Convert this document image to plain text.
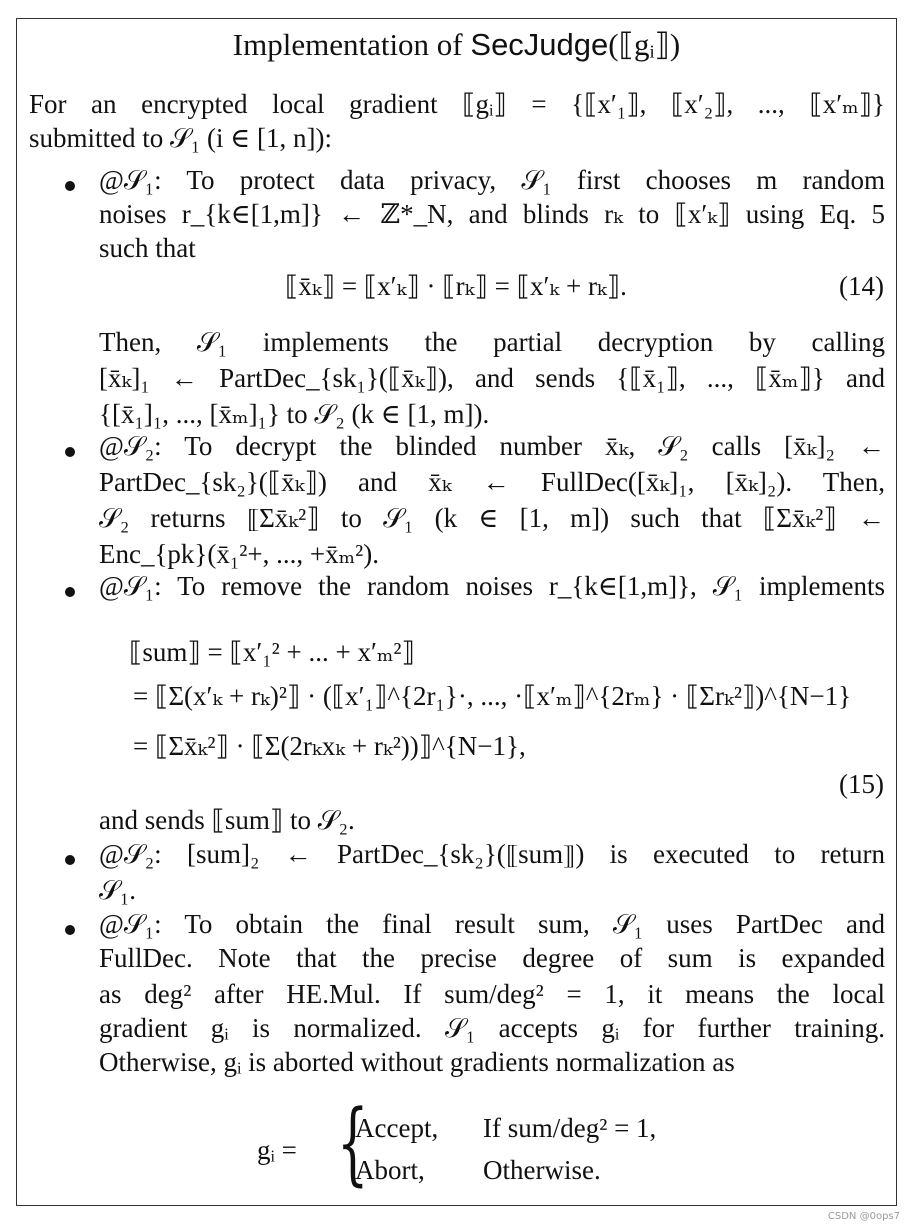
Implementation of SecJudge(⟦gᵢ⟧)
For an encrypted local gradient ⟦gᵢ⟧ = {⟦x′₁⟧, ⟦x′₂⟧, ..., ⟦x′ₘ⟧}
submitted to 𝒮₁ (i ∈ [1, n]):
@𝒮₁: To protect data privacy, 𝒮₁ first chooses m random
noises r_{k∈[1,m]} ← ℤ*_N, and blinds rₖ to ⟦x′ₖ⟧ using Eq. 5
such that
⟦x̄ₖ⟧ = ⟦x′ₖ⟧ · ⟦rₖ⟧ = ⟦x′ₖ + rₖ⟧.	(14)
Then, 𝒮₁ implements the partial decryption by calling
[x̄ₖ]₁ ← PartDec_{sk₁}(⟦x̄ₖ⟧), and sends {⟦x̄₁⟧, ..., ⟦x̄ₘ⟧} and
{[x̄₁]₁, ..., [x̄ₘ]₁} to 𝒮₂ (k ∈ [1, m]).
@𝒮₂: To decrypt the blinded number x̄ₖ, 𝒮₂ calls [x̄ₖ]₂ ←
PartDec_{sk₂}(⟦x̄ₖ⟧) and x̄ₖ ← FullDec([x̄ₖ]₁, [x̄ₖ]₂). Then,
𝒮₂ returns ⟦Σx̄ₖ²⟧ to 𝒮₁ (k ∈ [1, m]) such that ⟦Σx̄ₖ²⟧ ←
Enc_{pk}(x̄₁²+, ..., +x̄ₘ²).
@𝒮₁: To remove the random noises r_{k∈[1,m]}, 𝒮₁ implements
⟦sum⟧ = ⟦x′₁² + ... + x′ₘ²⟧
= ⟦Σ(x′ₖ + rₖ)²⟧ · (⟦x′₁⟧^{2r₁}·, ..., ·⟦x′ₘ⟧^{2rₘ} · ⟦Σrₖ²⟧)^{N−1}
= ⟦Σx̄ₖ²⟧ · ⟦Σ(2rₖxₖ + rₖ²))⟧^{N−1},
(15)
and sends ⟦sum⟧ to 𝒮₂.
@𝒮₂: [sum]₂ ← PartDec_{sk₂}(⟦sum⟧) is executed to return
𝒮₁.
@𝒮₁: To obtain the final result sum, 𝒮₁ uses PartDec and
FullDec. Note that the precise degree of sum is expanded
as deg² after HE.Mul. If sum/deg² = 1, it means the local
gradient gᵢ is normalized. 𝒮₁ accepts gᵢ for further training.
Otherwise, gᵢ is aborted without gradients normalization as
gᵢ = {
Accept, If sum/deg² = 1,
Abort, Otherwise.
CSDN @0ops7
